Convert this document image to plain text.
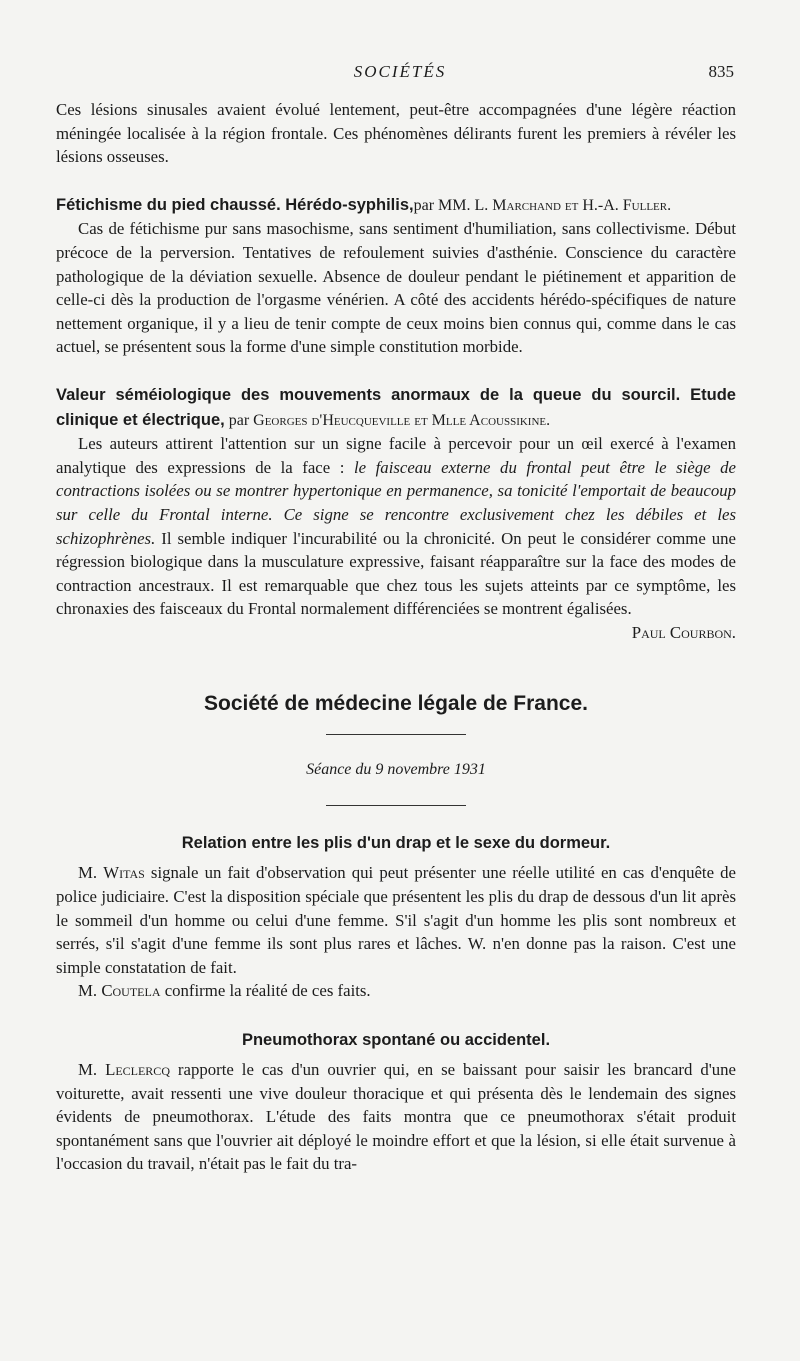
SOCIÉTÉS	835

Ces lésions sinusales avaient évolué lentement, peut-être accompagnées d'une légère réaction méningée localisée à la région frontale. Ces phénomènes délirants furent les premiers à révéler les lésions osseuses.

Fétichisme du pied chaussé. Hérédo-syphilis,par MM. L. Marchand et H.-A. Fuller.

Cas de fétichisme pur sans masochisme, sans sentiment d'humiliation, sans collectivisme. Début précoce de la perversion. Tentatives de refoulement suivies d'asthénie. Conscience du caractère pathologique de la déviation sexuelle. Absence de douleur pendant le piétinement et apparition de celle-ci dès la production de l'orgasme vénérien. A côté des accidents hérédo-spécifiques de nature nettement organique, il y a lieu de tenir compte de ceux moins bien connus qui, comme dans le cas actuel, se présentent sous la forme d'une simple constitution morbide.

Valeur séméiologique des mouvements anormaux de la queue du sourcil. Etude clinique et électrique, par Georges d'Heucqueville et Mlle Acoussikine.

Les auteurs attirent l'attention sur un signe facile à percevoir pour un œil exercé à l'examen analytique des expressions de la face : le faisceau externe du frontal peut être le siège de contractions isolées ou se montrer hypertonique en permanence, sa tonicité l'emportait de beaucoup sur celle du Frontal interne. Ce signe se rencontre exclusivement chez les débiles et les schizophrènes. Il semble indiquer l'incurabilité ou la chronicité. On peut le considérer comme une régression biologique dans la musculature expressive, faisant réapparaître sur la face des modes de contraction ancestraux. Il est remarquable que chez tous les sujets atteints par ce symptôme, les chronaxies des faisceaux du Frontal normalement différenciées se montrent égalisées.

Paul Courbon.

Société de médecine légale de France.
Séance du 9 novembre 1931
Relation entre les plis d'un drap et le sexe du dormeur.

M. Witas signale un fait d'observation qui peut présenter une réelle utilité en cas d'enquête de police judiciaire. C'est la disposition spéciale que présentent les plis du drap de dessous d'un lit après le sommeil d'un homme ou celui d'une femme. S'il s'agit d'un homme les plis sont nombreux et serrés, s'il s'agit d'une femme ils sont plus rares et lâches. W. n'en donne pas la raison. C'est une simple constatation de fait.

M. Coutela confirme la réalité de ces faits.

Pneumothorax spontané ou accidentel.

M. Leclercq rapporte le cas d'un ouvrier qui, en se baissant pour saisir les brancard d'une voiturette, avait ressenti une vive douleur thoracique et qui présenta dès le lendemain des signes évidents de pneumothorax. L'étude des faits montra que ce pneumothorax s'était produit spontanément sans que l'ouvrier ait déployé le moindre effort et que la lésion, si elle était survenue à l'occasion du travail, n'était pas le fait du tra-
